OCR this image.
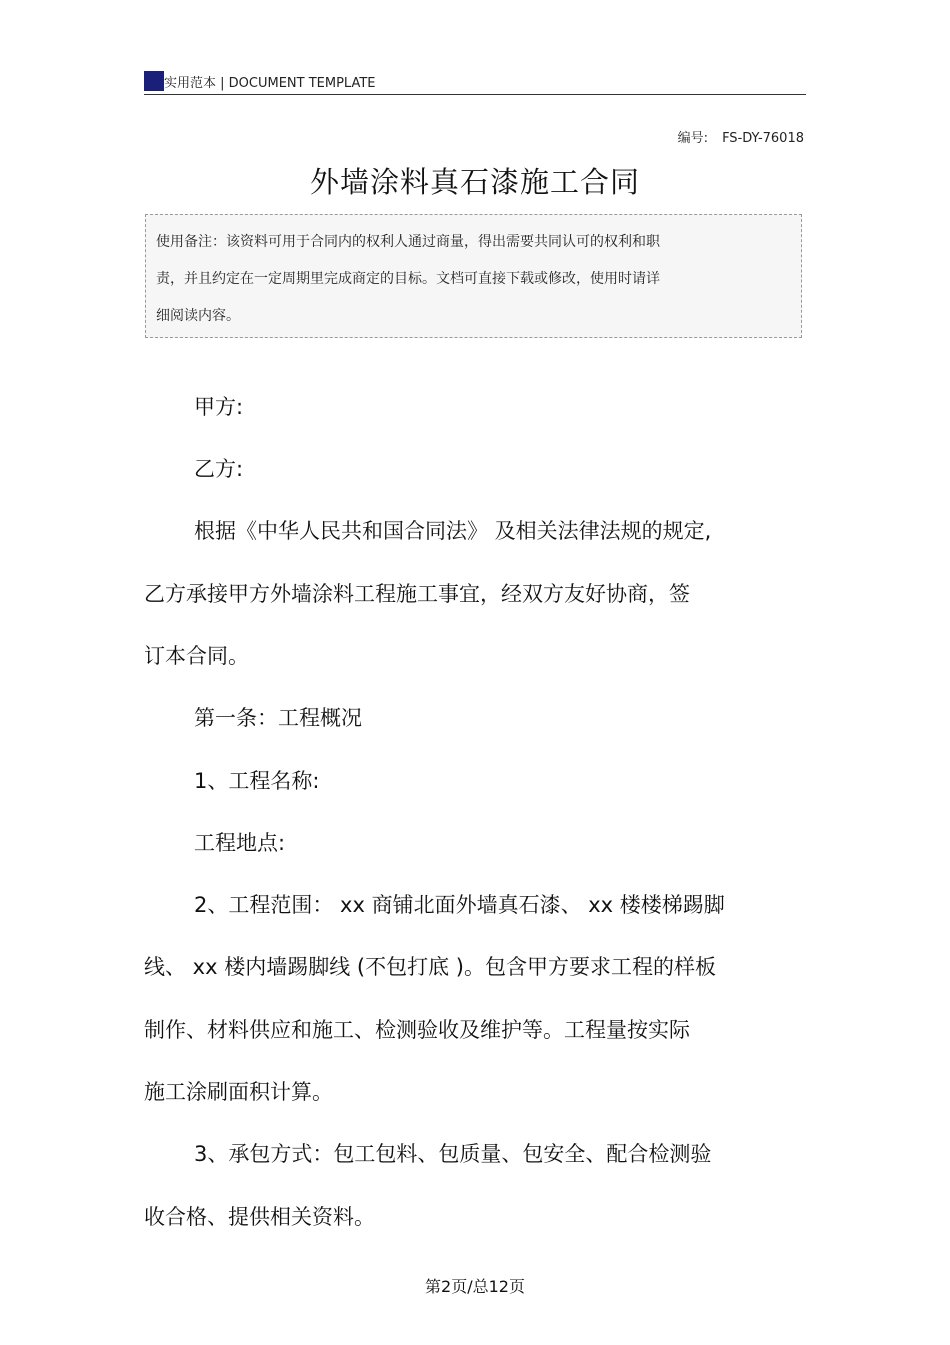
实用范本 | DOCUMENT TEMPLATE
编号: FS-DY-76018
外墙涂料真石漆施工合同
使用备注：该资料可用于合同内的权利人通过商量，得出需要共同认可的权利和职
责，并且约定在一定周期里完成商定的目标。文档可直接下载或修改，使用时请详
细阅读内容。
甲方:
乙方:
根据《中华人民共和国合同法》 及相关法律法规的规定,
乙方承接甲方外墙涂料工程施工事宜，经双方友好协商，签
订本合同。
第一条：工程概况
1、工程名称:
工程地点:
2、工程范围： xx 商铺北面外墙真石漆、 xx 楼楼梯踢脚
线、 xx 楼内墙踢脚线 (不包打底 )。包含甲方要求工程的样板
制作、材料供应和施工、检测验收及维护等。工程量按实际
施工涂刷面积计算。
3、承包方式：包工包料、包质量、包安全、配合检测验
收合格、提供相关资料。
第2页/总12页
